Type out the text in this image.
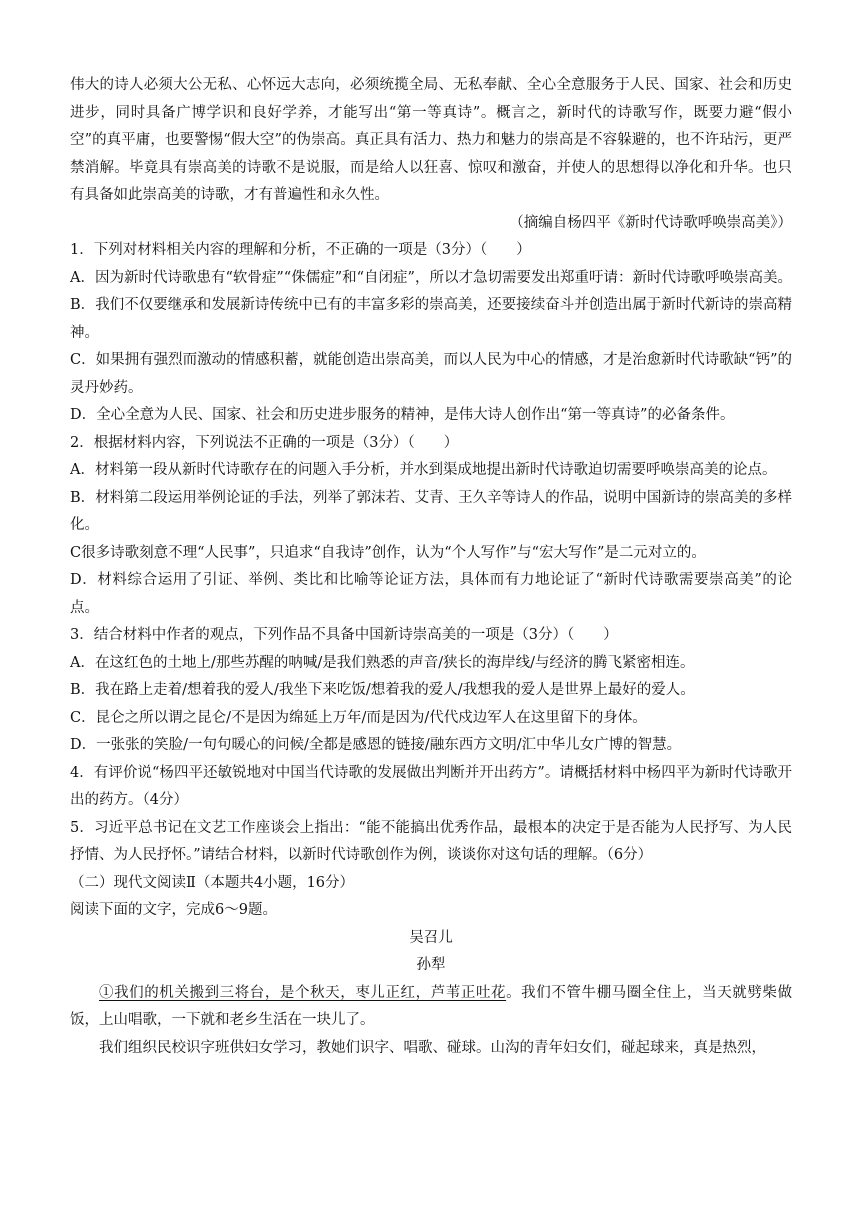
伟大的诗人必须大公无私、心怀远大志向，必须统揽全局、无私奉献、全心全意服务于人民、国家、社会和历史进步，同时具备广博学识和良好学养，才能写出“第一等真诗”。概言之，新时代的诗歌写作，既要力避“假小空”的真平庸，也要警惕“假大空”的伪崇高。真正具有活力、热力和魅力的崇高是不容躲避的，也不许玷污，更严禁消解。毕竟具有崇高美的诗歌不是说服，而是给人以狂喜、惊叹和激奋，并使人的思想得以净化和升华。也只有具备如此崇高美的诗歌，才有普遍性和永久性。

（摘编自杨四平《新时代诗歌呼唤崇高美》）

1．下列对材料相关内容的理解和分析，不正确的一项是（3分）（　　）

A．因为新时代诗歌患有“软骨症”“侏儒症”和“自闭症”，所以才急切需要发出郑重吁请：新时代诗歌呼唤崇高美。

B．我们不仅要继承和发展新诗传统中已有的丰富多彩的崇高美，还要接续奋斗并创造出属于新时代新诗的崇高精神。

C．如果拥有强烈而激动的情感积蓄，就能创造出崇高美，而以人民为中心的情感，才是治愈新时代诗歌缺“钙”的灵丹妙药。

D．全心全意为人民、国家、社会和历史进步服务的精神，是伟大诗人创作出“第一等真诗”的必备条件。

2．根据材料内容，下列说法不正确的一项是（3分）（　　）

A．材料第一段从新时代诗歌存在的问题入手分析，并水到渠成地提出新时代诗歌迫切需要呼唤崇高美的论点。

B．材料第二段运用举例论证的手法，列举了郭沫若、艾青、王久辛等诗人的作品，说明中国新诗的崇高美的多样化。

C很多诗歌刻意不理“人民事”，只追求“自我诗”创作，认为“个人写作”与“宏大写作”是二元对立的。

D．材料综合运用了引证、举例、类比和比喻等论证方法，具体而有力地论证了“新时代诗歌需要崇高美”的论点。

3．结合材料中作者的观点，下列作品不具备中国新诗崇高美的一项是（3分）（　　）

A．在这红色的土地上/那些苏醒的呐喊/是我们熟悉的声音/狭长的海岸线/与经济的腾飞紧密相连。

B．我在路上走着/想着我的爱人/我坐下来吃饭/想着我的爱人/我想我的爱人是世界上最好的爱人。

C．昆仑之所以谓之昆仑/不是因为绵延上万年/而是因为/代代戍边军人在这里留下的身体。

D．一张张的笑脸/一句句暖心的问候/全都是感恩的链接/融东西方文明/汇中华儿女广博的智慧。

4．有评价说“杨四平还敏锐地对中国当代诗歌的发展做出判断并开出药方”。请概括材料中杨四平为新时代诗歌开出的药方。（4分）

5．习近平总书记在文艺工作座谈会上指出：“能不能搞出优秀作品，最根本的决定于是否能为人民抒写、为人民抒情、为人民抒怀。”请结合材料，以新时代诗歌创作为例，谈谈你对这句话的理解。（6分）

（二）现代文阅读Ⅱ（本题共4小题，16分）

阅读下面的文字，完成6～9题。

吴召儿

孙犁

①我们的机关搬到三将台，是个秋天，枣儿正红，芦苇正吐花。我们不管牛棚马圈全住上，当天就劈柴做饭，上山唱歌，一下就和老乡生活在一块儿了。

我们组织民校识字班供妇女学习，教她们识字、唱歌、碰球。山沟的青年妇女们，碰起球来，真是热烈，
